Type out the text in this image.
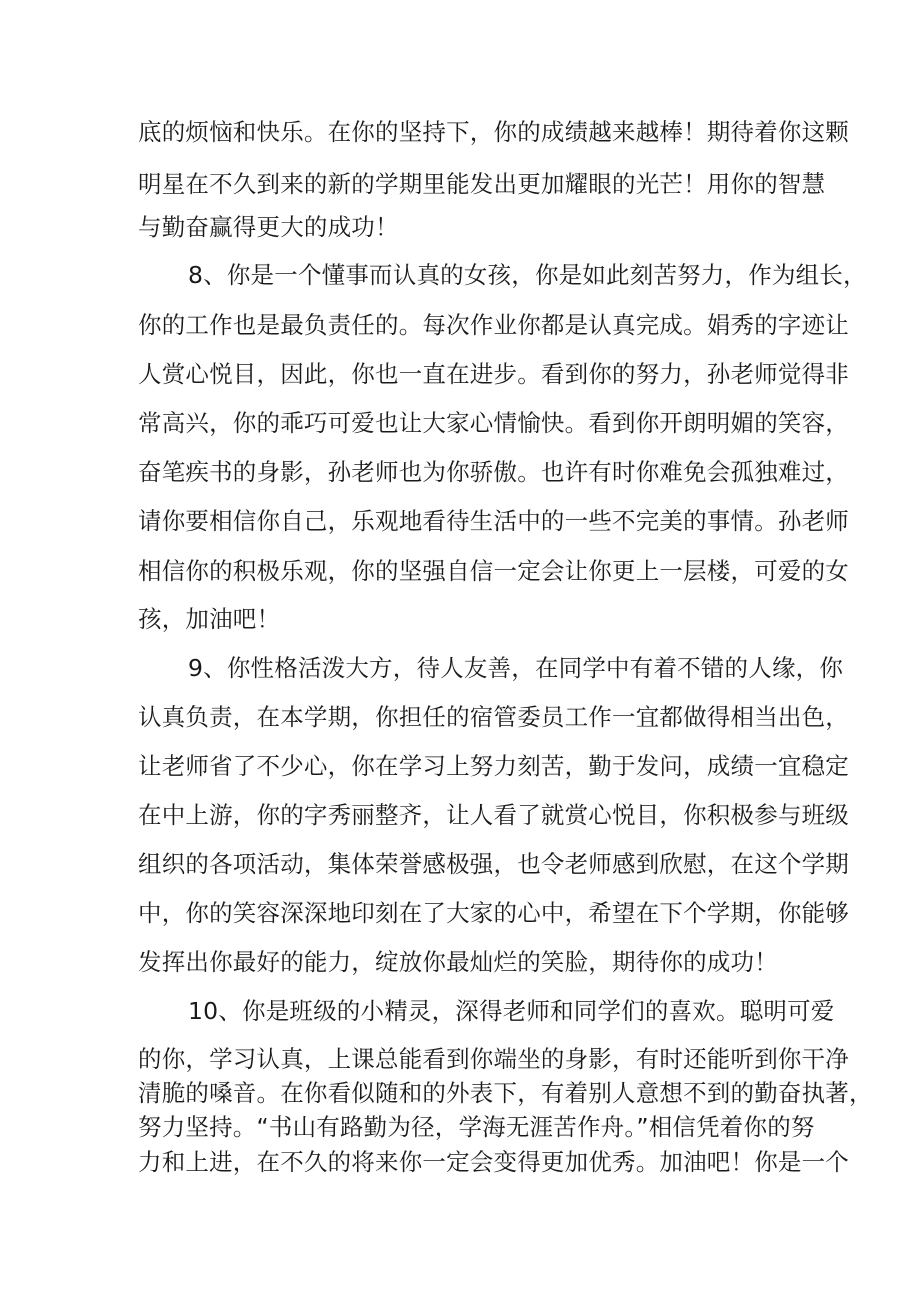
底的烦恼和快乐。在你的坚持下，你的成绩越来越棒！期待着你这颗
明星在不久到来的新的学期里能发出更加耀眼的光芒！用你的智慧
与勤奋赢得更大的成功！
8、你是一个懂事而认真的女孩，你是如此刻苦努力，作为组长，
你的工作也是最负责任的。每次作业你都是认真完成。娟秀的字迹让
人赏心悦目，因此，你也一直在进步。看到你的努力，孙老师觉得非
常高兴，你的乖巧可爱也让大家心情愉快。看到你开朗明媚的笑容，
奋笔疾书的身影，孙老师也为你骄傲。也许有时你难免会孤独难过，
请你要相信你自己，乐观地看待生活中的一些不完美的事情。孙老师
相信你的积极乐观，你的坚强自信一定会让你更上一层楼，可爱的女
孩，加油吧！
9、你性格活泼大方，待人友善，在同学中有着不错的人缘，你
认真负责，在本学期，你担任的宿管委员工作一宜都做得相当出色，
让老师省了不少心，你在学习上努力刻苦，勤于发问，成绩一宜稳定
在中上游，你的字秀丽整齐，让人看了就赏心悦目，你积极参与班级
组织的各项活动，集体荣誉感极强，也令老师感到欣慰，在这个学期
中，你的笑容深深地印刻在了大家的心中，希望在下个学期，你能够
发挥出你最好的能力，绽放你最灿烂的笑脸，期待你的成功！
10、你是班级的小精灵，深得老师和同学们的喜欢。聪明可爱
的你，学习认真，上课总能看到你端坐的身影，有时还能听到你干净
清脆的嗓音。在你看似随和的外表下，有着别人意想不到的勤奋执著，
努力坚持。“书山有路勤为径，学海无涯苦作舟。”相信凭着你的努
力和上进，在不久的将来你一定会变得更加优秀。加油吧！你是一个
